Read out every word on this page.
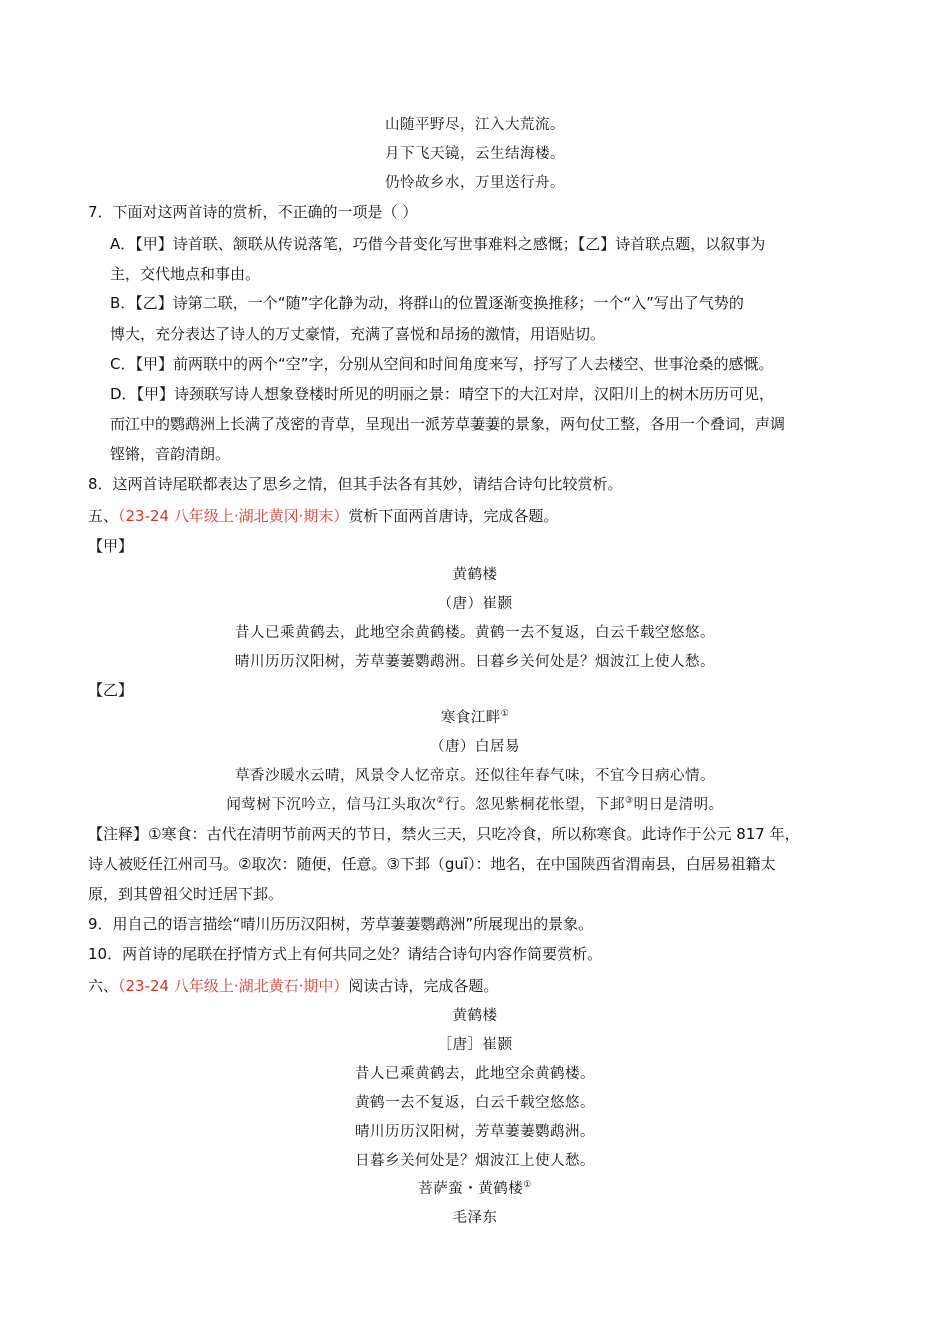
山随平野尽，江入大荒流。
月下飞天镜，云生结海楼。
仍怜故乡水，万里送行舟。
7．下面对这两首诗的赏析，不正确的一项是（ ）
A．【甲】诗首联、颔联从传说落笔，巧借今昔变化写世事难料之感慨；【乙】诗首联点题，以叙事为
主，交代地点和事由。
B．【乙】诗第二联，一个“随”字化静为动，将群山的位置逐渐变换推移；一个“入”写出了气势的
博大，充分表达了诗人的万丈豪情，充满了喜悦和昂扬的激情，用语贴切。
C．【甲】前两联中的两个“空”字，分别从空间和时间角度来写，抒写了人去楼空、世事沧桑的感慨。
D．【甲】诗颈联写诗人想象登楼时所见的明丽之景：晴空下的大江对岸，汉阳川上的树木历历可见，
而江中的鹦鹉洲上长满了茂密的青草，呈现出一派芳草萋萋的景象，两句仗工整，各用一个叠词，声调
铿锵，音韵清朗。
8．这两首诗尾联都表达了思乡之情，但其手法各有其妙，请结合诗句比较赏析。
五、（23-24 八年级上·湖北黄冈·期末）赏析下面两首唐诗，完成各题。
【甲】
黄鹤楼
（唐）崔颢
昔人已乘黄鹤去，此地空余黄鹤楼。黄鹤一去不复返，白云千载空悠悠。
晴川历历汉阳树，芳草萋萋鹦鹉洲。日暮乡关何处是？烟波江上使人愁。
【乙】
寒食江畔①
（唐）白居易
草香沙暖水云晴，风景令人忆帝京。还似往年春气味，不宜今日病心情。
闻莺树下沉吟立，信马江头取次②行。忽见紫桐花怅望，下邽③明日是清明。
【注释】①寒食：古代在清明节前两天的节日，禁火三天，只吃冷食，所以称寒食。此诗作于公元 817 年，
诗人被贬任江州司马。②取次：随便，任意。③下邽（guī）：地名，在中国陕西省渭南县，白居易祖籍太
原，到其曾祖父时迁居下邽。
9．用自己的语言描绘“晴川历历汉阳树，芳草萋萋鹦鹉洲”所展现出的景象。
10．两首诗的尾联在抒情方式上有何共同之处？请结合诗句内容作简要赏析。
六、（23-24 八年级上·湖北黄石·期中）阅读古诗，完成各题。
黄鹤楼
［唐］崔颢
昔人已乘黄鹤去，此地空余黄鹤楼。
黄鹤一去不复返，白云千载空悠悠。
晴川历历汉阳树，芳草萋萋鹦鹉洲。
日暮乡关何处是？烟波江上使人愁。
菩萨蛮・黄鹤楼①
毛泽东
